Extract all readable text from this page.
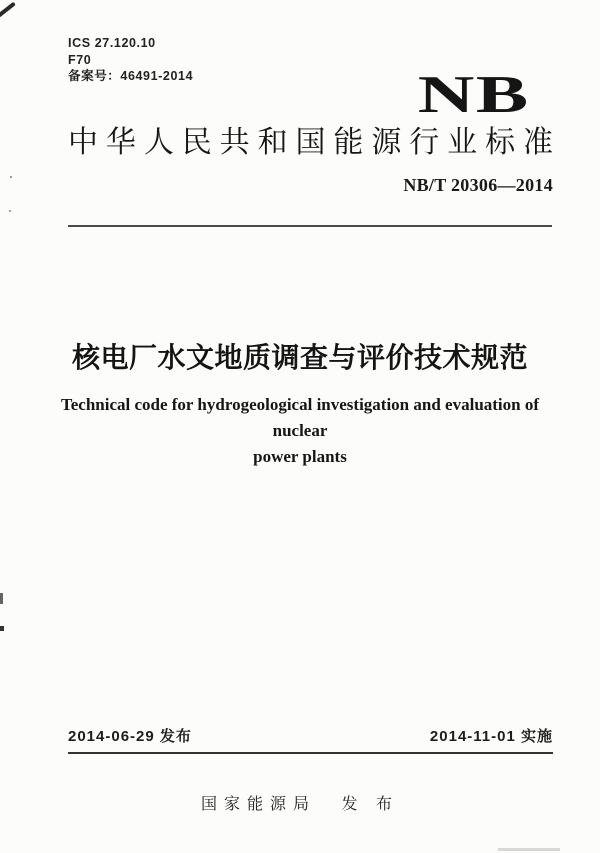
ICS 27.120.10
F70
备案号：46491-2014	NB
中华人民共和国能源行业标准
NB/T 20306—2014
核电厂水文地质调查与评价技术规范
Technical code for hydrogeological investigation and evaluation of nuclear
power plants
2014-06-29 发布	2014-11-01 实施
国家能源局 发 布
